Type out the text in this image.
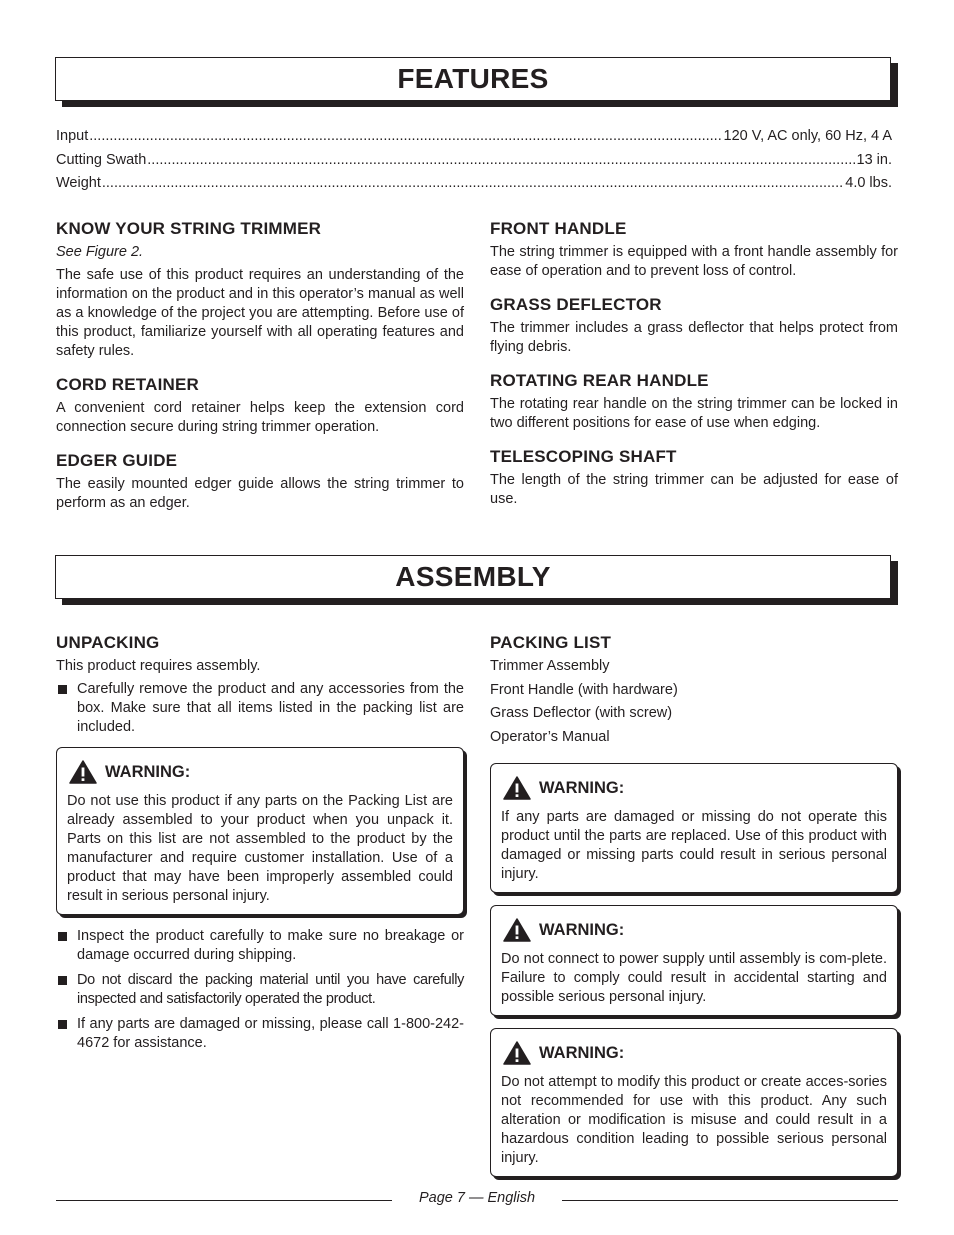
FEATURES
Input .....	120 V, AC only, 60 Hz, 4 A
Cutting Swath .....	13 in.
Weight .....	4.0 lbs.
KNOW YOUR STRING TRIMMER

See Figure 2.

The safe use of this product requires an understanding of the information on the product and in this operator’s manual as well as a knowledge of the project you are attempting. Before use of this product, familiarize yourself with all operating features and safety rules.

CORD RETAINER

A convenient cord retainer helps keep the extension cord connection secure during string trimmer operation.

EDGER GUIDE

The easily mounted edger guide allows the string trimmer to perform as an edger.

FRONT HANDLE

The string trimmer is equipped with a front handle assembly for ease of operation and to prevent loss of control.

GRASS DEFLECTOR

The trimmer includes a grass deflector that helps protect from flying debris.

ROTATING REAR HANDLE

The rotating rear handle on the string trimmer can be locked in two different positions for ease of use when edging.

TELESCOPING SHAFT

The length of the string trimmer can be adjusted for ease of use.

ASSEMBLY
UNPACKING

This product requires assembly.

Carefully remove the product and any accessories from the box. Make sure that all items listed in the packing list are included.
WARNING:

Do not use this product if any parts on the Packing List are already assembled to your product when you unpack it. Parts on this list are not assembled to the product by the manufacturer and require customer installation. Use of a product that may have been improperly assembled could result in serious personal injury.

Inspect the product carefully to make sure no breakage or damage occurred during shipping.
Do not discard the packing material until you have carefully inspected and satisfactorily operated the product.
If any parts are damaged or missing, please call 1-800-242-4672 for assistance.
PACKING LIST

Trimmer Assembly

Front Handle (with hardware)

Grass Deflector (with screw)

Operator’s Manual

WARNING:

If any parts are damaged or missing do not operate this product until the parts are replaced. Use of this product with damaged or missing parts could result in serious personal injury.

WARNING:

Do not connect to power supply until assembly is com-plete. Failure to comply could result in accidental starting and possible serious personal injury.

WARNING:

Do not attempt to modify this product or create acces-sories not recommended for use with this product. Any such alteration or modification is misuse and could result in a hazardous condition leading to possible serious personal injury.

Page 7 — English
